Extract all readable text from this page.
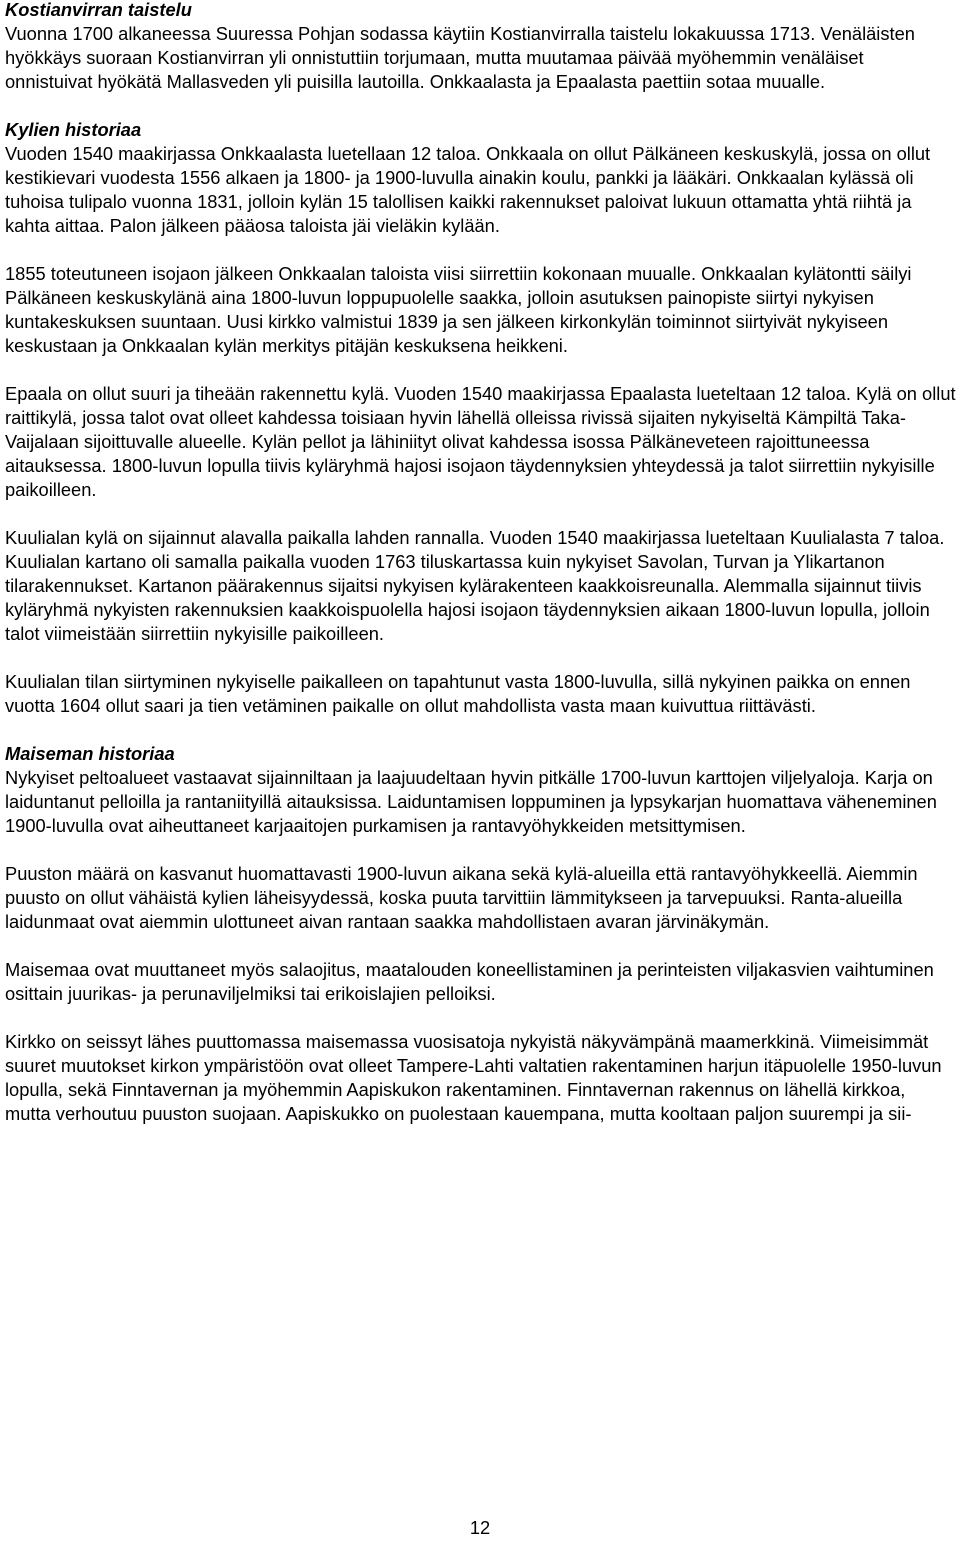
Kostianvirran taistelu

Vuonna 1700 alkaneessa Suuressa Pohjan sodassa käytiin Kostianvirralla taistelu lokakuussa 1713. Venäläisten hyökkäys suoraan Kostianvirran yli onnistuttiin torjumaan, mutta muutamaa päivää myöhemmin venäläiset onnistuivat hyökätä Mallasveden yli puisilla lautoilla. Onkkaalasta ja Epaalasta paettiin sotaa muualle.

Kylien historiaa

Vuoden 1540 maakirjassa Onkkaalasta luetellaan 12 taloa. Onkkaala on ollut Pälkäneen keskuskylä, jossa on ollut kestikievari vuodesta 1556 alkaen ja 1800- ja 1900-luvulla ainakin koulu, pankki ja lääkäri. Onkkaalan kylässä oli tuhoisa tulipalo vuonna 1831, jolloin kylän 15 talollisen kaikki rakennukset paloivat lukuun ottamatta yhtä riihtä ja kahta aittaa. Palon jälkeen pääosa taloista jäi vieläkin kylään.

1855 toteutuneen isojaon jälkeen Onkkaalan taloista viisi siirrettiin kokonaan muualle. Onkkaalan kylätontti säilyi Pälkäneen keskuskylänä aina 1800-luvun loppupuolelle saakka, jolloin asutuksen painopiste siirtyi nykyisen kuntakeskuksen suuntaan. Uusi kirkko valmistui 1839 ja sen jälkeen kirkonkylän toiminnot siirtyivät nykyiseen keskustaan ja Onkkaalan kylän merkitys pitäjän keskuksena heikkeni.

Epaala on ollut suuri ja tiheään rakennettu kylä. Vuoden 1540 maakirjassa Epaalasta lueteltaan 12 taloa. Kylä on ollut raittikylä, jossa talot ovat olleet kahdessa toisiaan hyvin lähellä olleissa rivissä sijaiten nykyiseltä Kämpiltä Taka-Vaijalaan sijoittuvalle alueelle. Kylän pellot ja lähiniityt olivat kahdessa isossa Pälkäneveteen rajoittuneessa aitauksessa. 1800-luvun lopulla tiivis kyläryhmä hajosi isojaon täydennyksien yhteydessä ja talot siirrettiin nykyisille paikoilleen.

Kuulialan kylä on sijainnut alavalla paikalla lahden rannalla. Vuoden 1540 maakirjassa lueteltaan Kuulialasta 7 taloa. Kuulialan kartano oli samalla paikalla vuoden 1763 tiluskartassa kuin nykyiset Savolan, Turvan ja Ylikartanon tilarakennukset. Kartanon päärakennus sijaitsi nykyisen kylärakenteen kaakkoisreunalla. Alemmalla sijainnut tiivis kyläryhmä nykyisten rakennuksien kaakkoispuolella hajosi isojaon täydennyksien aikaan 1800-luvun lopulla, jolloin talot viimeistään siirrettiin nykyisille paikoilleen.

Kuulialan tilan siirtyminen nykyiselle paikalleen on tapahtunut vasta 1800-luvulla, sillä nykyinen paikka on ennen vuotta 1604 ollut saari ja tien vetäminen paikalle on ollut mahdollista vasta maan kuivuttua riittävästi.

Maiseman historiaa

Nykyiset peltoalueet vastaavat sijainniltaan ja laajuudeltaan hyvin pitkälle 1700-luvun karttojen viljelyaloja. Karja on laiduntanut pelloilla ja rantaniityillä aitauksissa. Laiduntamisen loppuminen ja lypsykarjan huomattava väheneminen 1900-luvulla ovat aiheuttaneet karjaaitojen purkamisen ja rantavyöhykkeiden metsittymisen.

Puuston määrä on kasvanut huomattavasti 1900-luvun aikana sekä kylä-alueilla että rantavyöhykkeellä. Aiemmin puusto on ollut vähäistä kylien läheisyydessä, koska puuta tarvittiin lämmitykseen ja tarvepuuksi. Ranta-alueilla laidunmaat ovat aiemmin ulottuneet aivan rantaan saakka mahdollistaen avaran järvinäkymän.

Maisemaa ovat muuttaneet myös salaojitus, maatalouden koneellistaminen ja perinteisten viljakasvien vaihtuminen osittain juurikas- ja perunaviljelmiksi tai erikoislajien pelloiksi.

Kirkko on seissyt lähes puuttomassa maisemassa vuosisatoja nykyistä näkyvämpänä maamerkkinä. Viimeisimmät suuret muutokset kirkon ympäristöön ovat olleet Tampere-Lahti valtatien rakentaminen harjun itäpuolelle 1950-luvun lopulla, sekä Finntavernan ja myöhemmin Aapiskukon rakentaminen. Finntavernan rakennus on lähellä kirkkoa, mutta verhoutuu puuston suojaan. Aapiskukko on puolestaan kauempana, mutta kooltaan paljon suurempi ja sii-

12
